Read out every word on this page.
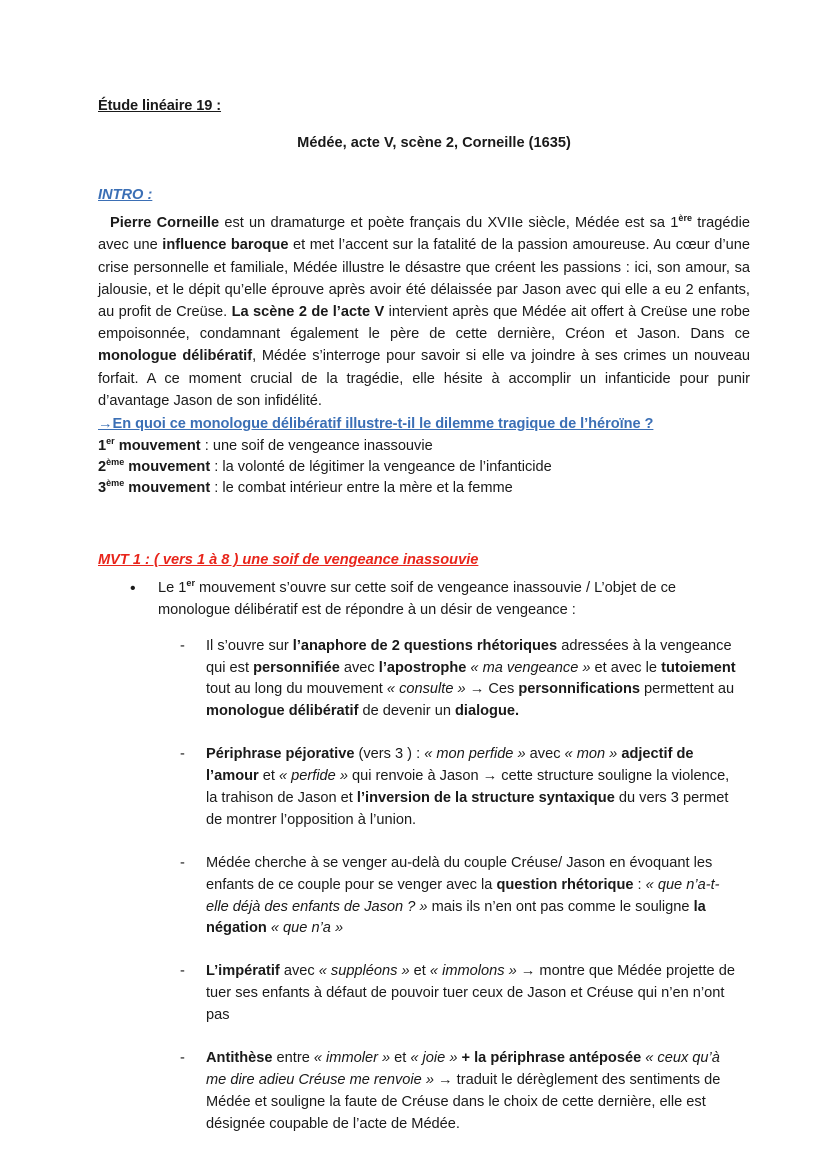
Étude linéaire 19 :

Médée, acte V, scène 2, Corneille (1635)

INTRO :

Pierre Corneille est un dramaturge et poète français du XVIIe siècle, Médée est sa 1ère tragédie avec une influence baroque et met l’accent sur la fatalité de la passion amoureuse. Au cœur d’une crise personnelle et familiale, Médée illustre le désastre que créent les passions : ici, son amour, sa jalousie, et le dépit qu’elle éprouve après avoir été délaissée par Jason avec qui elle a eu 2 enfants, au profit de Creüse. La scène 2 de l’acte V intervient après que Médée ait offert à Creüse une robe empoisonnée, condamnant également le père de cette dernière, Créon et Jason. Dans ce monologue délibératif, Médée s’interroge pour savoir si elle va joindre à ses crimes un nouveau forfait. A ce moment crucial de la tragédie, elle hésite à accomplir un infanticide pour punir d’avantage Jason de son infidélité.

→En quoi ce monologue délibératif illustre-t-il le dilemme tragique de l’héroïne ?

1er mouvement : une soif de vengeance inassouvie

2ème mouvement : la volonté de légitimer la vengeance de l’infanticide

3ème mouvement : le combat intérieur entre la mère et la femme

MVT 1 : ( vers 1 à 8 ) une soif de vengeance inassouvie

• Le 1er mouvement s’ouvre sur cette soif de vengeance inassouvie / L’objet de ce monologue délibératif est de répondre à un désir de vengeance :
- Il s’ouvre sur l’anaphore de 2 questions rhétoriques adressées à la vengeance qui est personnifiée avec l’apostrophe « ma vengeance » et avec le tutoiement tout au long du mouvement « consulte » → Ces personnifications permettent au monologue délibératif de devenir un dialogue.
- Périphrase péjorative (vers 3 ) : « mon perfide » avec « mon » adjectif de l’amour et « perfide » qui renvoie à Jason → cette structure souligne la violence, la trahison de Jason et l’inversion de la structure syntaxique du vers 3 permet de montrer l’opposition à l’union.
- Médée cherche à se venger au-delà du couple Créuse/ Jason en évoquant les enfants de ce couple pour se venger avec la question rhétorique : « que n’a-t-elle déjà des enfants de Jason ? » mais ils n’en ont pas comme le souligne la négation « que n’a »
- L’impératif avec « suppléons » et « immolons » → montre que Médée projette de tuer ses enfants à défaut de pouvoir tuer ceux de Jason et Créuse qui n’en n’ont pas
- Antithèse entre « immoler » et « joie » + la périphrase antéposée « ceux qu’à me dire adieu Créuse me renvoie » → traduit le dérèglement des sentiments de Médée et souligne la faute de Créuse dans le choix de cette dernière, elle est désignée coupable de l’acte de Médée.
